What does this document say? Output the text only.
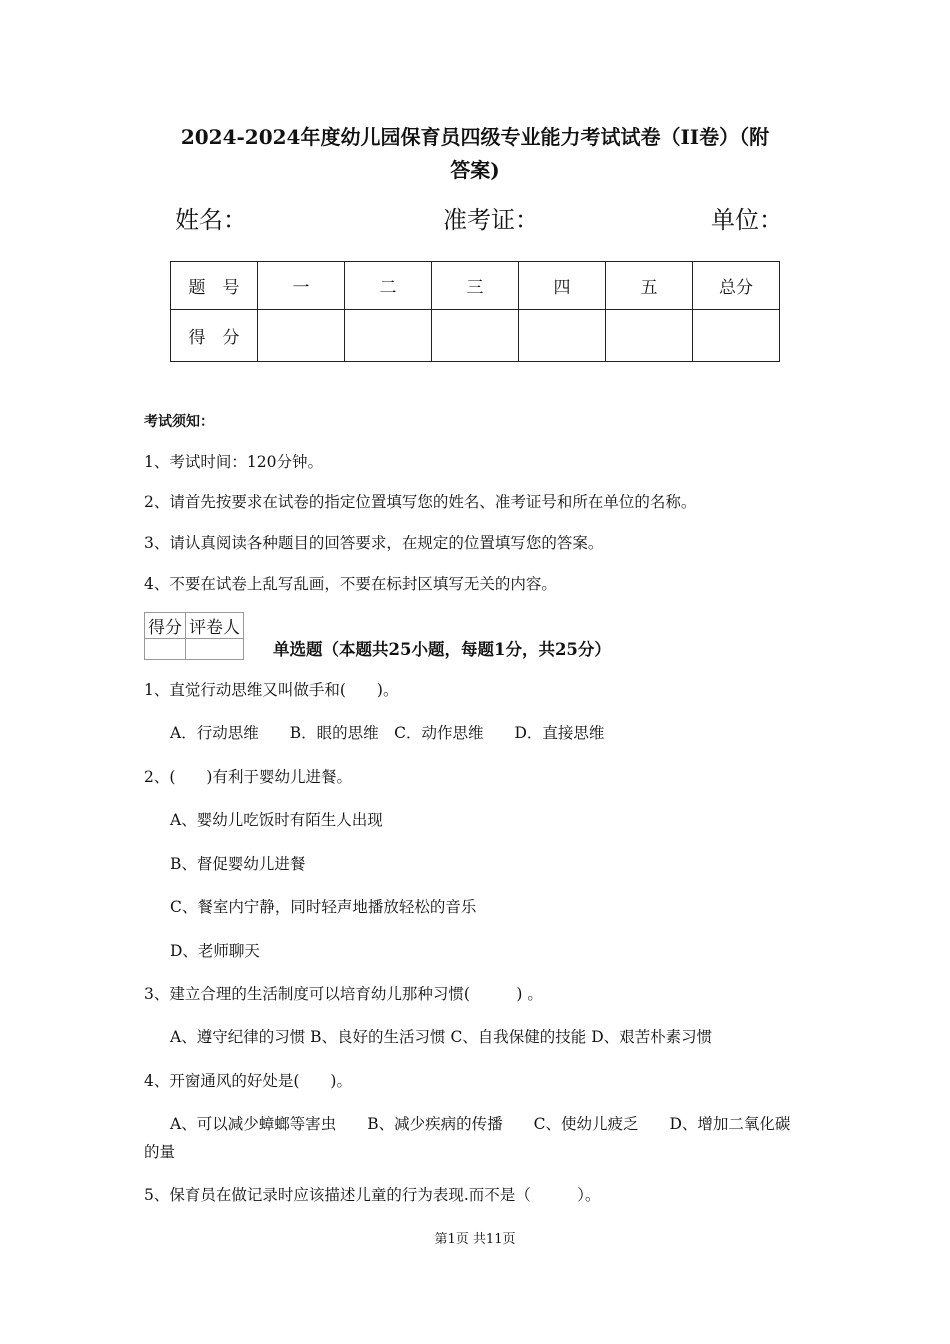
2024-2024年度幼儿园保育员四级专业能力考试试卷（II卷）（附
答案)
姓名：	准考证：	单位：
题　号	一	二	三	四	五	总分
得　分						
考试须知：
1、考试时间：120分钟。
2、请首先按要求在试卷的指定位置填写您的姓名、准考证号和所在单位的名称。
3、请认真阅读各种题目的回答要求，在规定的位置填写您的答案。
4、不要在试卷上乱写乱画，不要在标封区填写无关的内容。
得分	评卷人

单选题（本题共25小题，每题1分，共25分）
1、直觉行动思维又叫做手和(　　)。
A．行动思维　　B．眼的思维　C．动作思维　　D．直接思维
2、(　　)有利于婴幼儿进餐。
A、婴幼儿吃饭时有陌生人出现
B、督促婴幼儿进餐
C、餐室内宁静，同时轻声地播放轻松的音乐
D、老师聊天
3、建立合理的生活制度可以培育幼儿那种习惯(　　　) 。
A、遵守纪律的习惯 B、良好的生活习惯 C、自我保健的技能 D、艰苦朴素习惯
4、开窗通风的好处是(　　)。
A、可以减少蟑螂等害虫　　B、减少疾病的传播　　C、使幼儿疲乏　　D、增加二氧化碳
的量
5、保育员在做记录时应该描述儿童的行为表现.而不是（　　　）。
第1页 共11页
